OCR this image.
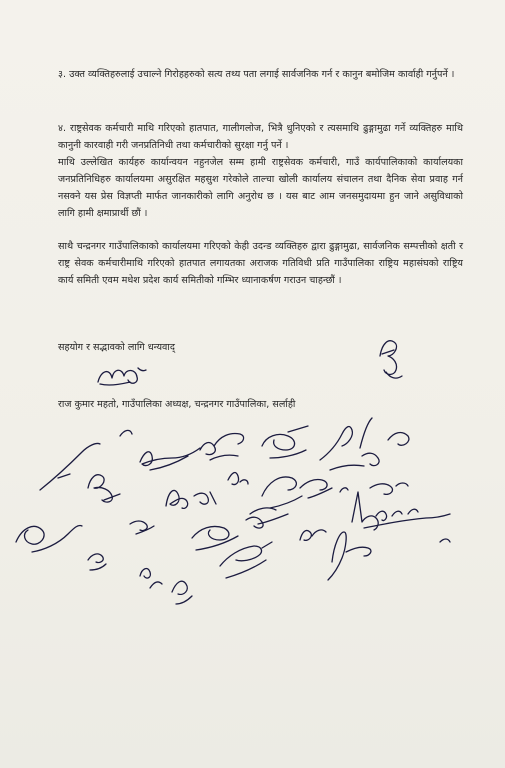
३. उक्त व्यक्तिहरुलाई उचाल्ने गिरोहहरुको सत्य तथ्य पता लगाई सार्वजनिक गर्न र कानुन बमोजिम कार्वाही गर्नुपर्ने ।

४. राष्ट्रसेवक कर्मचारी माथि गरिएको हातपात, गालीगलोज, भित्रै धुनिएको र त्यसमाथि ढुङ्गामुढा गर्ने व्यक्तिहरु माथि कानुनी कारवाही गरी जनप्रतिनिधी तथा कर्मचारीको सुरक्षा गर्नु पर्ने ।

माथि उल्लेखित कार्यहरु कार्यान्वयन नहुनजेल सम्म हामी राष्ट्रसेवक कर्मचारी, गाउँ कार्यपालिकाको कार्यालयका जनप्रतिनिधिहरु कार्यालयमा असुरक्षित महसुश गरेकोले ताल्चा खोली कार्यालय संचालन तथा दैनिक सेवा प्रवाह गर्न नसक्ने यस प्रेस विज्ञप्ती मार्फत जानकारीको लागि अनुरोध छ । यस बाट आम जनसमुदायमा हुन जाने असुविधाको लागि हामी क्षमाप्रार्थी छौं ।

साथै चन्द्रनगर गाउँपालिकाको कार्यालयमा गरिएको केही उदन्ड व्यक्तिहरु द्वारा ढुङ्गामुढा, सार्वजनिक सम्पत्तीको क्षती र राष्ट्र सेवक कर्मचारीमाथि गरिएको हातपात लगायतका अराजक गतिविधी प्रति गाउँपालिका राष्ट्रिय महासंघको राष्ट्रिय कार्य समिती एवम मधेश प्रदेश कार्य समितीको गम्भिर ध्यानाकर्षण गराउन चाहन्छौं ।

सहयोग र सद्भावको लागि धन्यवाद्
राज कुमार महतो, गाउँपालिका अध्यक्ष, चन्द्रनगर गाउँपालिका, सर्लाही
